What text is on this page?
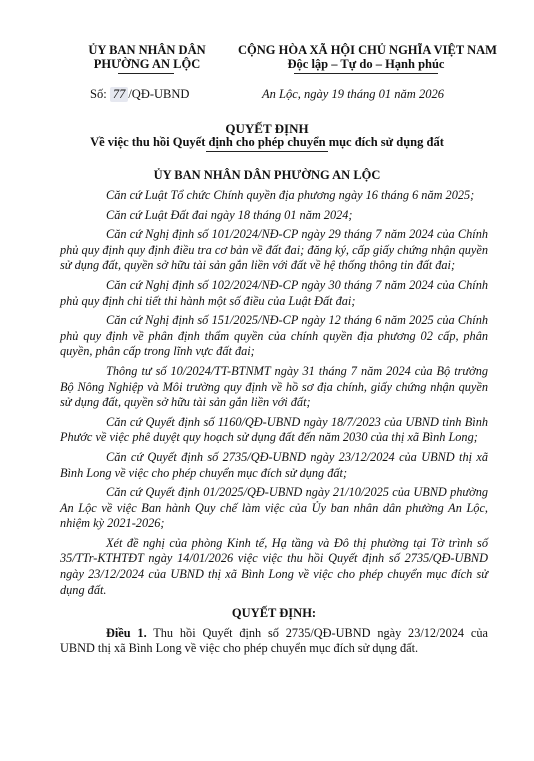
ỦY BAN NHÂN DÂN
PHƯỜNG AN LỘC
CỘNG HÒA XÃ HỘI CHỦ NGHĨA VIỆT NAM
Độc lập – Tự do – Hạnh phúc
Số: 77 /QĐ-UBND	An Lộc, ngày 19 tháng 01 năm 2026
QUYẾT ĐỊNH
Về việc thu hồi Quyết định cho phép chuyển mục đích sử dụng đất
ỦY BAN NHÂN DÂN PHƯỜNG AN LỘC

Căn cứ Luật Tổ chức Chính quyền địa phương ngày 16 tháng 6 năm 2025;

Căn cứ Luật Đất đai ngày 18 tháng 01 năm 2024;

Căn cứ Nghị định số 101/2024/NĐ-CP ngày 29 tháng 7 năm 2024 của Chính phủ quy định quy định điều tra cơ bản về đất đai; đăng ký, cấp giấy chứng nhận quyền sử dụng đất, quyền sở hữu tài sản gắn liền với đất về hệ thống thông tin đất đai;

Căn cứ Nghị định số 102/2024/NĐ-CP ngày 30 tháng 7 năm 2024 của Chính phủ quy định chi tiết thi hành một số điều của Luật Đất đai;

Căn cứ Nghị định số 151/2025/NĐ-CP ngày 12 tháng 6 năm 2025 của Chính phủ quy định về phân định thẩm quyền của chính quyền địa phương 02 cấp, phân quyền, phân cấp trong lĩnh vực đất đai;

Thông tư số 10/2024/TT-BTNMT ngày 31 tháng 7 năm 2024 của Bộ trưởng Bộ Nông Nghiệp và Môi trường quy định về hồ sơ địa chính, giấy chứng nhận quyền sử dụng đất, quyền sở hữu tài sản gắn liền với đất;

Căn cứ Quyết định số 1160/QĐ-UBND ngày 18/7/2023 của UBND tỉnh Bình Phước về việc phê duyệt quy hoạch sử dụng đất đến năm 2030 của thị xã Bình Long;

Căn cứ Quyết định số 2735/QĐ-UBND ngày 23/12/2024 của UBND thị xã Bình Long về việc cho phép chuyển mục đích sử dụng đất;

Căn cứ Quyết định 01/2025/QĐ-UBND ngày 21/10/2025 của UBND phường An Lộc về việc Ban hành Quy chế làm việc của Ủy ban nhân dân phường An Lộc, nhiệm kỳ 2021-2026;

Xét đề nghị của phòng Kinh tế, Hạ tầng và Đô thị phường tại Tờ trình số 35/TTr-KTHTĐT ngày 14/01/2026 việc việc thu hồi Quyết định số 2735/QĐ-UBND ngày 23/12/2024 của UBND thị xã Bình Long về việc cho phép chuyển mục đích sử dụng đất.

QUYẾT ĐỊNH:

Điều 1. Thu hồi Quyết định số 2735/QĐ-UBND ngày 23/12/2024 của UBND thị xã Bình Long về việc cho phép chuyển mục đích sử dụng đất.
